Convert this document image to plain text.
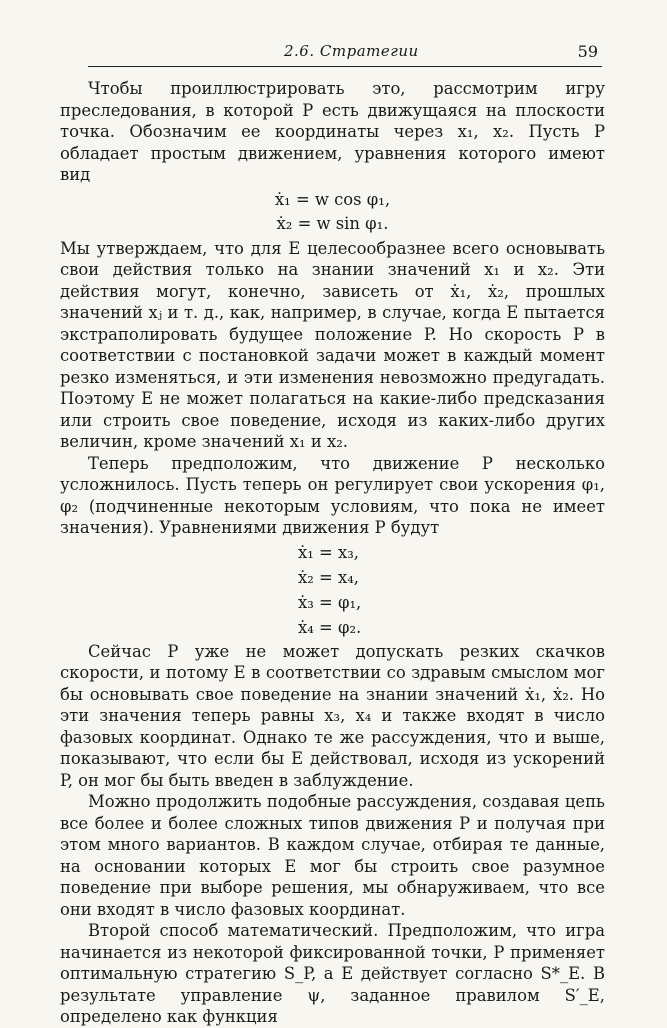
2.6. Стратегии	59

Чтобы проиллюстрировать это, рассмотрим игру преследования, в которой P есть движущаяся на плоскости точка. Обозначим ее координаты через x₁, x₂. Пусть P обладает простым движением, уравнения которого имеют вид

ẋ₁ = w cos φ₁,
ẋ₂ = w sin φ₁.

Мы утверждаем, что для E целесообразнее всего основывать свои действия только на знании значений x₁ и x₂. Эти действия могут, конечно, зависеть от ẋ₁, ẋ₂, прошлых значений xⱼ и т. д., как, например, в случае, когда E пытается экстраполировать будущее положение P. Но скорость P в соответствии с постановкой задачи может в каждый момент резко изменяться, и эти изменения невозможно предугадать. Поэтому E не может полагаться на какие-либо предсказания или строить свое поведение, исходя из каких-либо других величин, кроме значений x₁ и x₂.

Теперь предположим, что движение P несколько усложнилось. Пусть теперь он регулирует свои ускорения φ₁, φ₂ (подчиненные некоторым условиям, что пока не имеет значения). Уравнениями движения P будут

ẋ₁ = x₃,
ẋ₂ = x₄,
ẋ₃ = φ₁,
ẋ₄ = φ₂.

Сейчас P уже не может допускать резких скачков скорости, и потому E в соответствии со здравым смыслом мог бы основывать свое поведение на знании значений ẋ₁, ẋ₂. Но эти значения теперь равны x₃, x₄ и также входят в число фазовых координат. Однако те же рассуждения, что и выше, показывают, что если бы E действовал, исходя из ускорений P, он мог бы быть введен в заблуждение.

Можно продолжить подобные рассуждения, создавая цепь все более и более сложных типов движения P и получая при этом много вариантов. В каждом случае, отбирая те данные, на основании которых E мог бы строить свое разумное поведение при выборе решения, мы обнаруживаем, что все они входят в число фазовых координат.

Второй способ математический. Предположим, что игра начинается из некоторой фиксированной точки, P применяет оптимальную стратегию S_P, а E действует согласно S*_E. В результате управление ψ, заданное правилом S′_E, определено как функция
